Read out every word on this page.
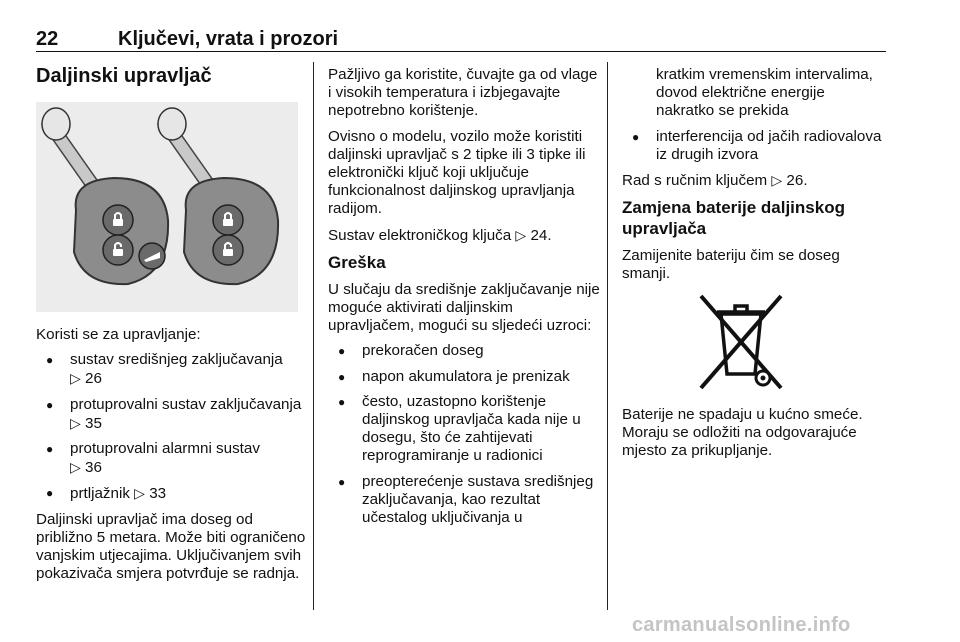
22	Ključevi, vrata i prozori
Daljinski upravljač

Koristi se za upravljanje:

● sustav središnjeg zaključavanja
▷ 26
● protuprovalni sustav zaključavanja ▷ 35
● protuprovalni alarmni sustav
▷ 36
● prtljažnik ▷ 33

Daljinski upravljač ima doseg od približno 5 metara. Može biti ograničeno vanjskim utjecajima. Uključivanjem svih pokazivača smjera potvrđuje se radnja.

Pažljivo ga koristite, čuvajte ga od vlage i visokih temperatura i izbjegavajte nepotrebno korištenje.

Ovisno o modelu, vozilo može koristiti daljinski upravljač s 2 tipke ili 3 tipke ili elektronički ključ koji uključuje funkcionalnost daljinskog upravljanja radijom.

Sustav elektroničkog ključa ▷ 24.

Greška

U slučaju da središnje zaključavanje nije moguće aktivirati daljinskim upravljačem, mogući su sljedeći uzroci:

● prekoračen doseg
● napon akumulatora je prenizak
● često, uzastopno korištenje daljinskog upravljača kada nije u dosegu, što će zahtijevati reprogramiranje u radionici
● preopterećenje sustava središnjeg zaključavanja, kao rezultat učestalog uključivanja u

kratkim vremenskim intervalima, dovod električne energije nakratko se prekida

● interferencija od jačih radiovalova iz drugih izvora

Rad s ručnim ključem ▷ 26.

Zamjena baterije daljinskog upravljača

Zamijenite bateriju čim se doseg smanji.

Baterije ne spadaju u kućno smeće. Moraju se odložiti na odgovarajuće mjesto za prikupljanje.

carmanualsonline.info
